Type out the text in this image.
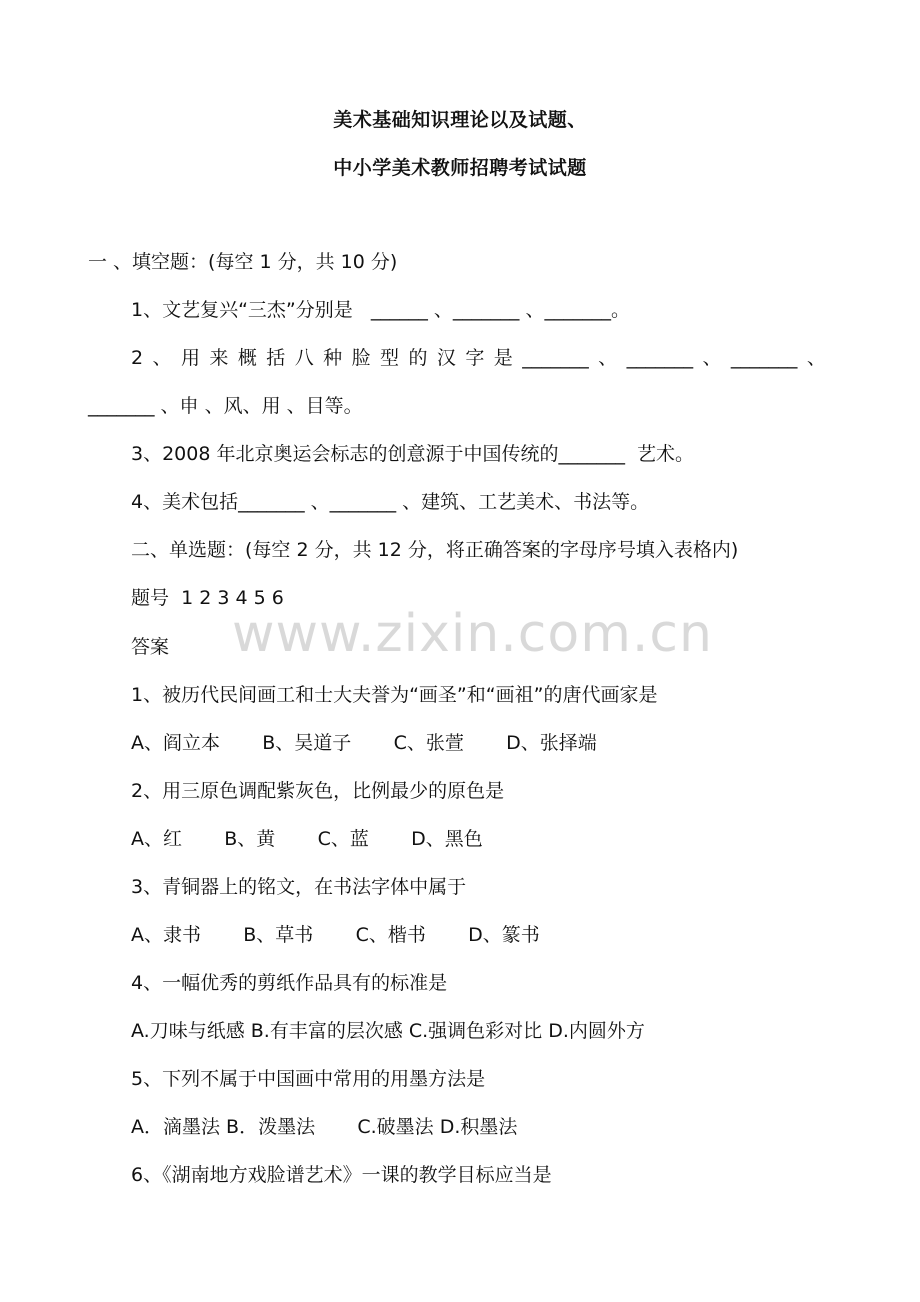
美术基础知识理论以及试题、
中小学美术教师招聘考试试题
一 、填空题：(每空 1 分，共 10 分)
1、文艺复兴“三杰”分别是   ______ 、_______ 、_______。
2 、 用 来 概 括 八 种 脸 型 的 汉 字 是 _______ 、 _______ 、 _______ 、
_______ 、申 、风、用 、目等。
3、2008 年北京奥运会标志的创意源于中国传统的_______  艺术。
4、美术包括_______ 、_______ 、建筑、工艺美术、书法等。
二、单选题：(每空 2 分，共 12 分，将正确答案的字母序号填入表格内)
题号  1 2 3 4 5 6
答案
1、被历代民间画工和士大夫誉为“画圣”和“画祖”的唐代画家是
A、阎立本       B、吴道子       C、张萱       D、张择端
2、用三原色调配紫灰色，比例最少的原色是
A、红       B、黄       C、蓝       D、黑色
3、青铜器上的铭文，在书法字体中属于
A、隶书       B、草书       C、楷书       D、篆书
4、一幅优秀的剪纸作品具有的标准是
A.刀味与纸感 B.有丰富的层次感 C.强调色彩对比 D.内圆外方
5、下列不属于中国画中常用的用墨方法是
A．滴墨法 B．泼墨法       C.破墨法 D.积墨法
6、《湖南地方戏脸谱艺术》一课的教学目标应当是
www.zixin.com.cn
